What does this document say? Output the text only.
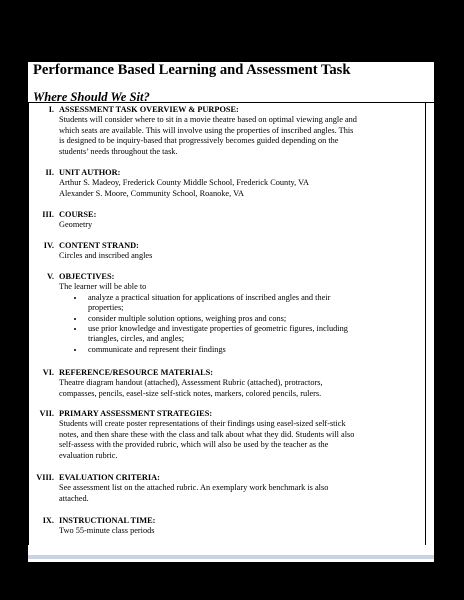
Performance Based Learning and Assessment Task
Where Should We Sit?
I. ASSESSMENT TASK OVERVIEW & PURPOSE:
Students will consider where to sit in a movie theatre based on optimal viewing angle and
which seats are available. This will involve using the properties of inscribed angles. This
is designed to be inquiry-based that progressively becomes guided depending on the
students’ needs throughout the task.
II. UNIT AUTHOR:
Arthur S. Madeoy, Frederick County Middle School, Frederick County, VA
Alexander S. Moore, Community School, Roanoke, VA
III. COURSE:
Geometry
IV. CONTENT STRAND:
Circles and inscribed angles
V. OBJECTIVES:
The learner will be able to
• analyze a practical situation for applications of inscribed angles and their
properties;
• consider multiple solution options, weighing pros and cons;
• use prior knowledge and investigate properties of geometric figures, including
triangles, circles, and angles;
• communicate and represent their findings
VI. REFERENCE/RESOURCE MATERIALS:
Theatre diagram handout (attached), Assessment Rubric (attached), protractors,
compasses, pencils, easel-size self-stick notes, markers, colored pencils, rulers.
VII. PRIMARY ASSESSMENT STRATEGIES:
Students will create poster representations of their findings using easel-sized self-stick
notes, and then share these with the class and talk about what they did. Students will also
self-assess with the provided rubric, which will also be used by the teacher as the
evaluation rubric.
VIII. EVALUATION CRITERIA:
See assessment list on the attached rubric. An exemplary work benchmark is also
attached.
IX. INSTRUCTIONAL TIME:
Two 55-minute class periods
